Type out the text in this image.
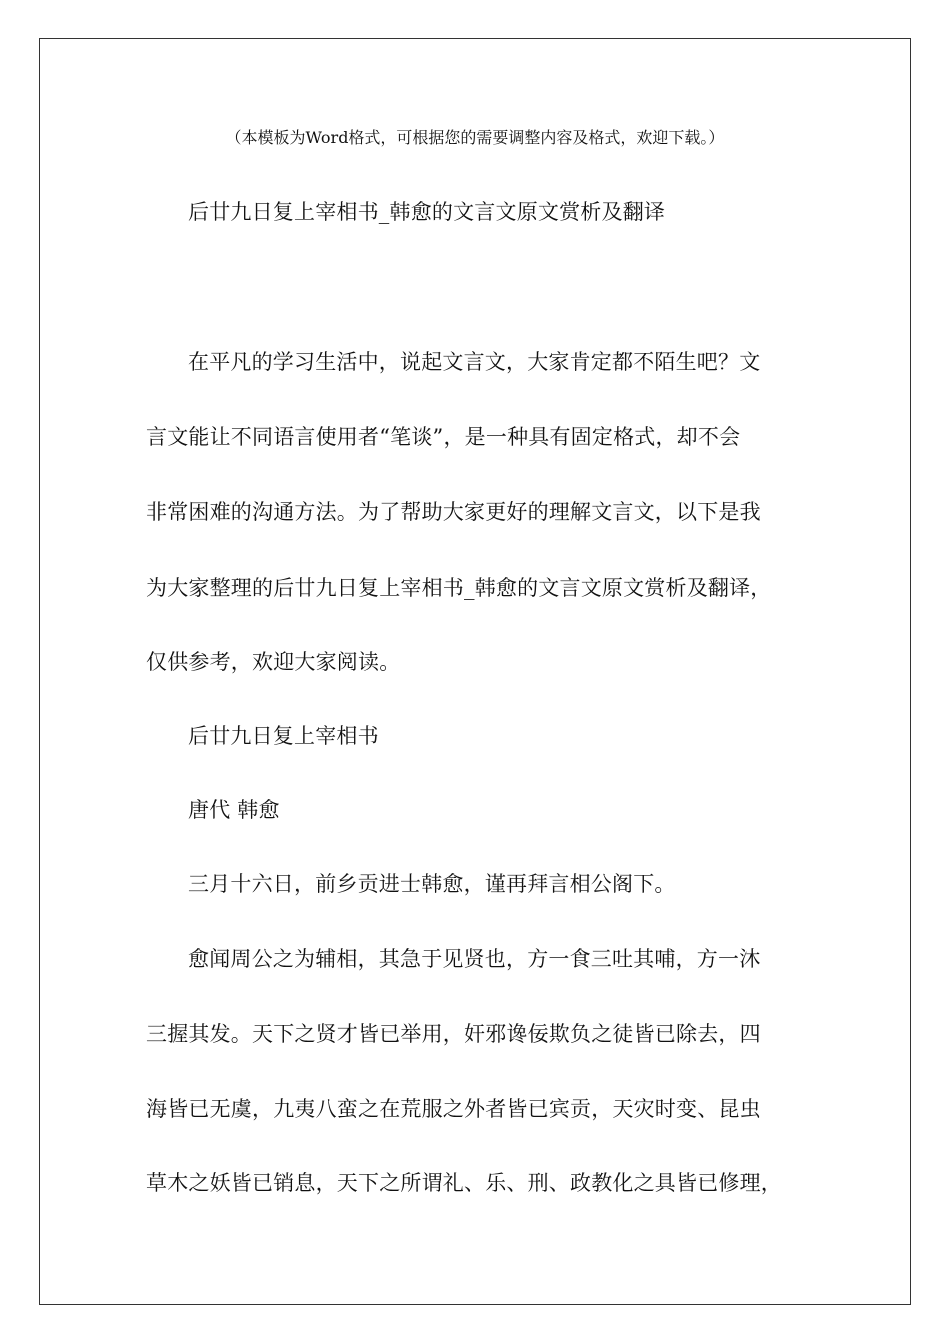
（本模板为Word格式，可根据您的需要调整内容及格式，欢迎下载。）
后廿九日复上宰相书_韩愈的文言文原文赏析及翻译
在平凡的学习生活中，说起文言文，大家肯定都不陌生吧？文
言文能让不同语言使用者“笔谈”，是一种具有固定格式，却不会
非常困难的沟通方法。为了帮助大家更好的理解文言文，以下是我
为大家整理的后廿九日复上宰相书_韩愈的文言文原文赏析及翻译，
仅供参考，欢迎大家阅读。
后廿九日复上宰相书
唐代 韩愈
三月十六日，前乡贡进士韩愈，谨再拜言相公阁下。
愈闻周公之为辅相，其急于见贤也，方一食三吐其哺，方一沐
三握其发。天下之贤才皆已举用，奸邪谗佞欺负之徒皆已除去，四
海皆已无虞，九夷八蛮之在荒服之外者皆已宾贡，天灾时变、昆虫
草木之妖皆已销息，天下之所谓礼、乐、刑、政教化之具皆已修理，
